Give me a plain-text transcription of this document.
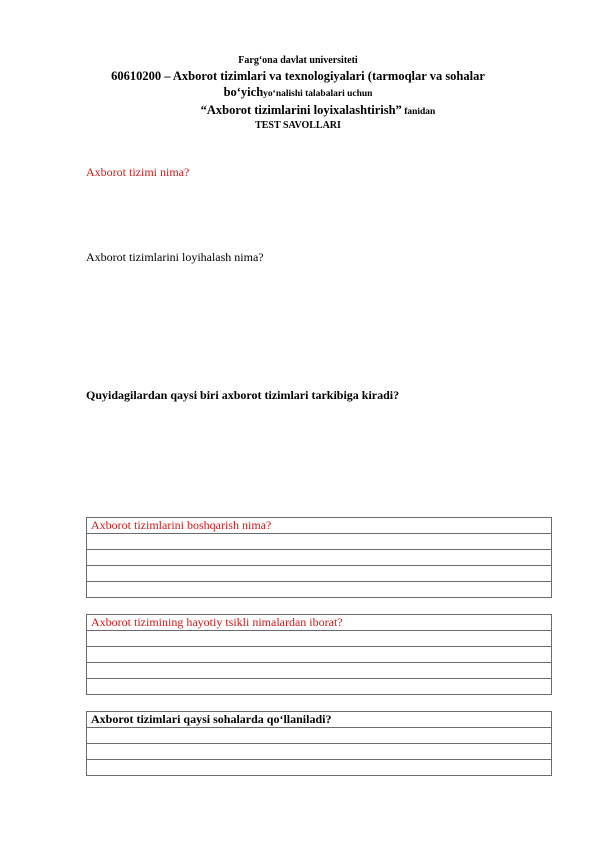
Farg‘ona davlat universiteti
60610200 – Axborot tizimlari va texnologiyalari (tarmoqlar va sohalar
bo‘yichyo‘nalishi talabalari uchun
“Axborot tizimlarini loyixalashtirish” fanidan
TEST SAVOLLARI
Axborot tizimi nima?
Axborot tizimlarini loyihalash nima?
Quyidagilardan qaysi biri axborot tizimlari tarkibiga kiradi?
Axborot tizimlarini boshqarish nima?

Axborot tizimining hayotiy tsikli nimalardan iborat?

Axborot tizimlari qaysi sohalarda qo‘llaniladi?
